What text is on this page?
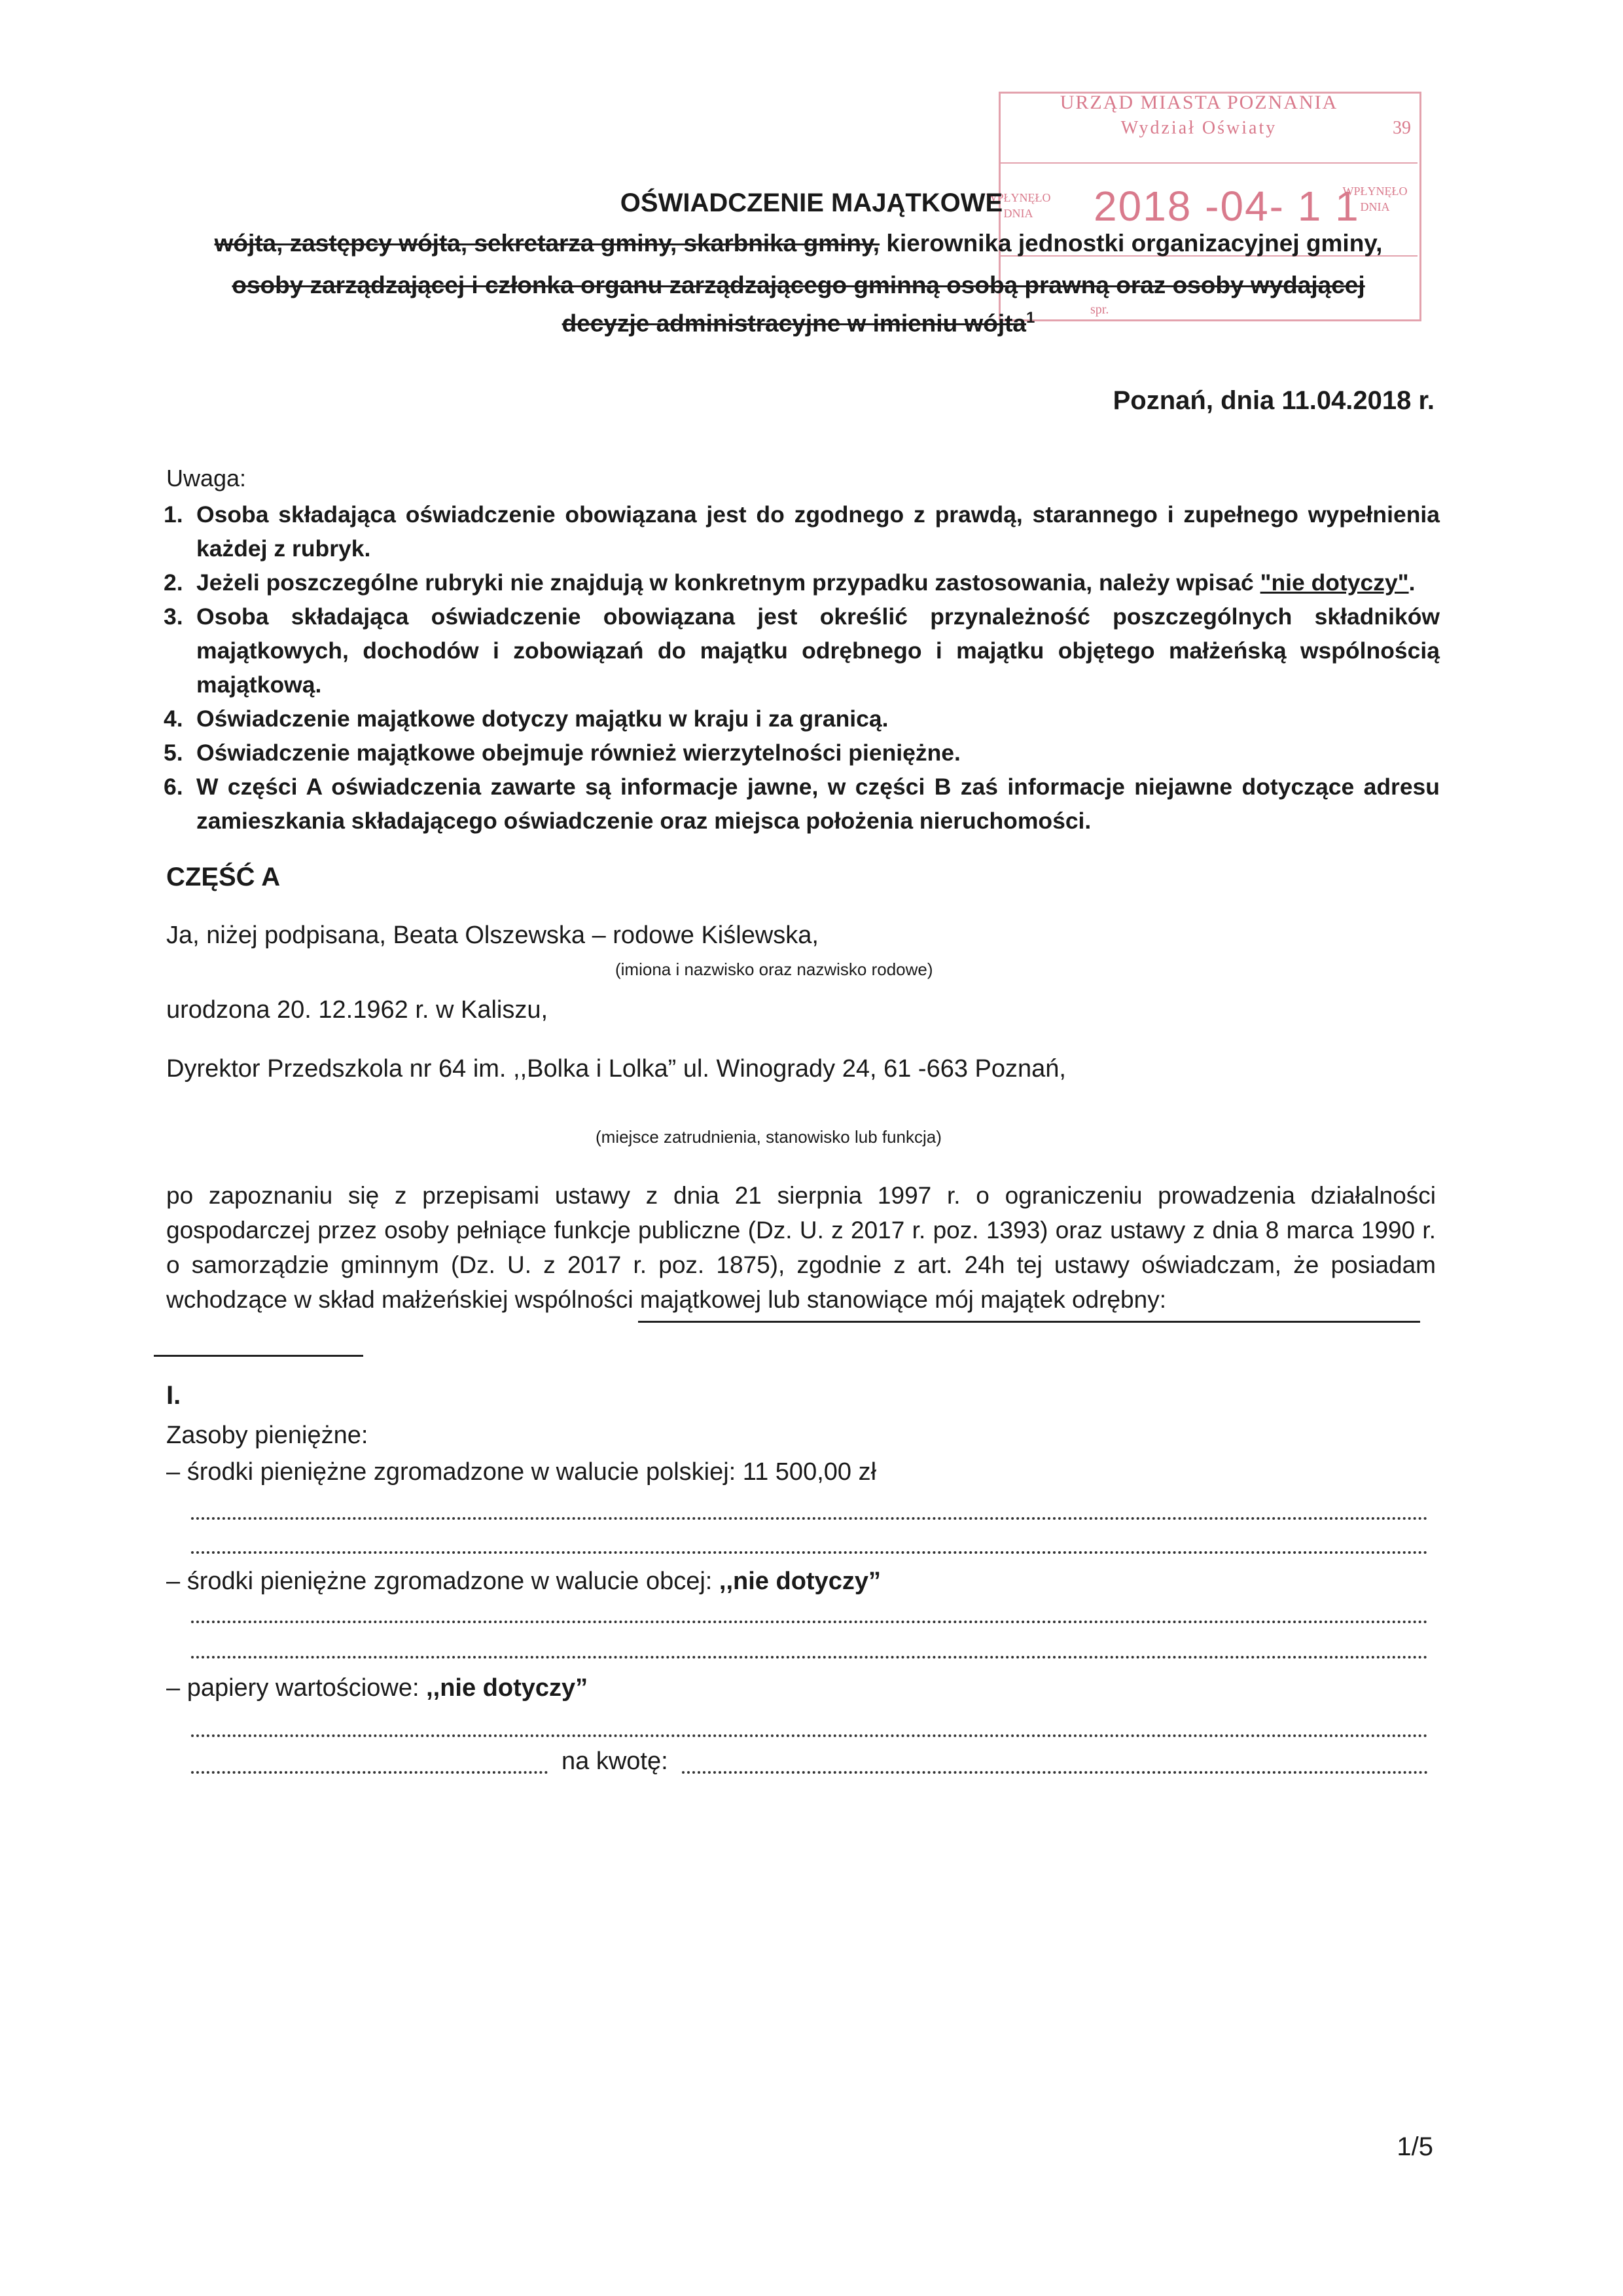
URZĄD MIASTA POZNANIA
Wydział Oświaty	39
WPŁYNĘŁO DNIA	2018 -04- 1 1
WPŁYNĘŁO DNIA
spr.
OŚWIADCZENIE MAJĄTKOWE
wójta, zastępcy wójta, sekretarza gminy, skarbnika gminy, kierownika jednostki organizacyjnej gminy,
osoby zarządzającej i członka organu zarządzającego gminną osobą prawną oraz osoby wydającej
decyzje administracyjne w imieniu wójta$^1$
Poznań, dnia 11.04.2018 r.
Uwaga:
1. Osoba składająca oświadczenie obowiązana jest do zgodnego z prawdą, starannego i zupełnego wypełnienia każdej z rubryk.
2. Jeżeli poszczególne rubryki nie znajdują w konkretnym przypadku zastosowania, należy wpisać "nie dotyczy".
3. Osoba składająca oświadczenie obowiązana jest określić przynależność poszczególnych składników majątkowych, dochodów i zobowiązań do majątku odrębnego i majątku objętego małżeńską wspólnością majątkową.
4. Oświadczenie majątkowe dotyczy majątku w kraju i za granicą.
5. Oświadczenie majątkowe obejmuje również wierzytelności pieniężne.
6. W części A oświadczenia zawarte są informacje jawne, w części B zaś informacje niejawne dotyczące adresu zamieszkania składającego oświadczenie oraz miejsca położenia nieruchomości.
CZĘŚĆ A
Ja, niżej podpisana, Beata Olszewska – rodowe Kiślewska,
(imiona i nazwisko oraz nazwisko rodowe)
urodzona 20. 12.1962 r. w Kaliszu,
Dyrektor Przedszkola nr 64 im. ,,Bolka i Lolka” ul. Winogrady 24, 61 -663 Poznań,
(miejsce zatrudnienia, stanowisko lub funkcja)
po zapoznaniu się z przepisami ustawy z dnia 21 sierpnia 1997 r. o ograniczeniu prowadzenia działalności gospodarczej przez osoby pełniące funkcje publiczne (Dz. U. z 2017 r. poz. 1393) oraz ustawy z dnia 8 marca 1990 r. o samorządzie gminnym (Dz. U. z 2017 r. poz. 1875), zgodnie z art. 24h tej ustawy oświadczam, że posiadam wchodzące w skład małżeńskiej wspólności majątkowej lub stanowiące mój majątek odrębny:
I.
Zasoby pieniężne:
– środki pieniężne zgromadzone w walucie polskiej: 11 500,00 zł
– środki pieniężne zgromadzone w walucie obcej: ,,nie dotyczy”
– papiery wartościowe: ,,nie dotyczy”
na kwotę:
1/5
